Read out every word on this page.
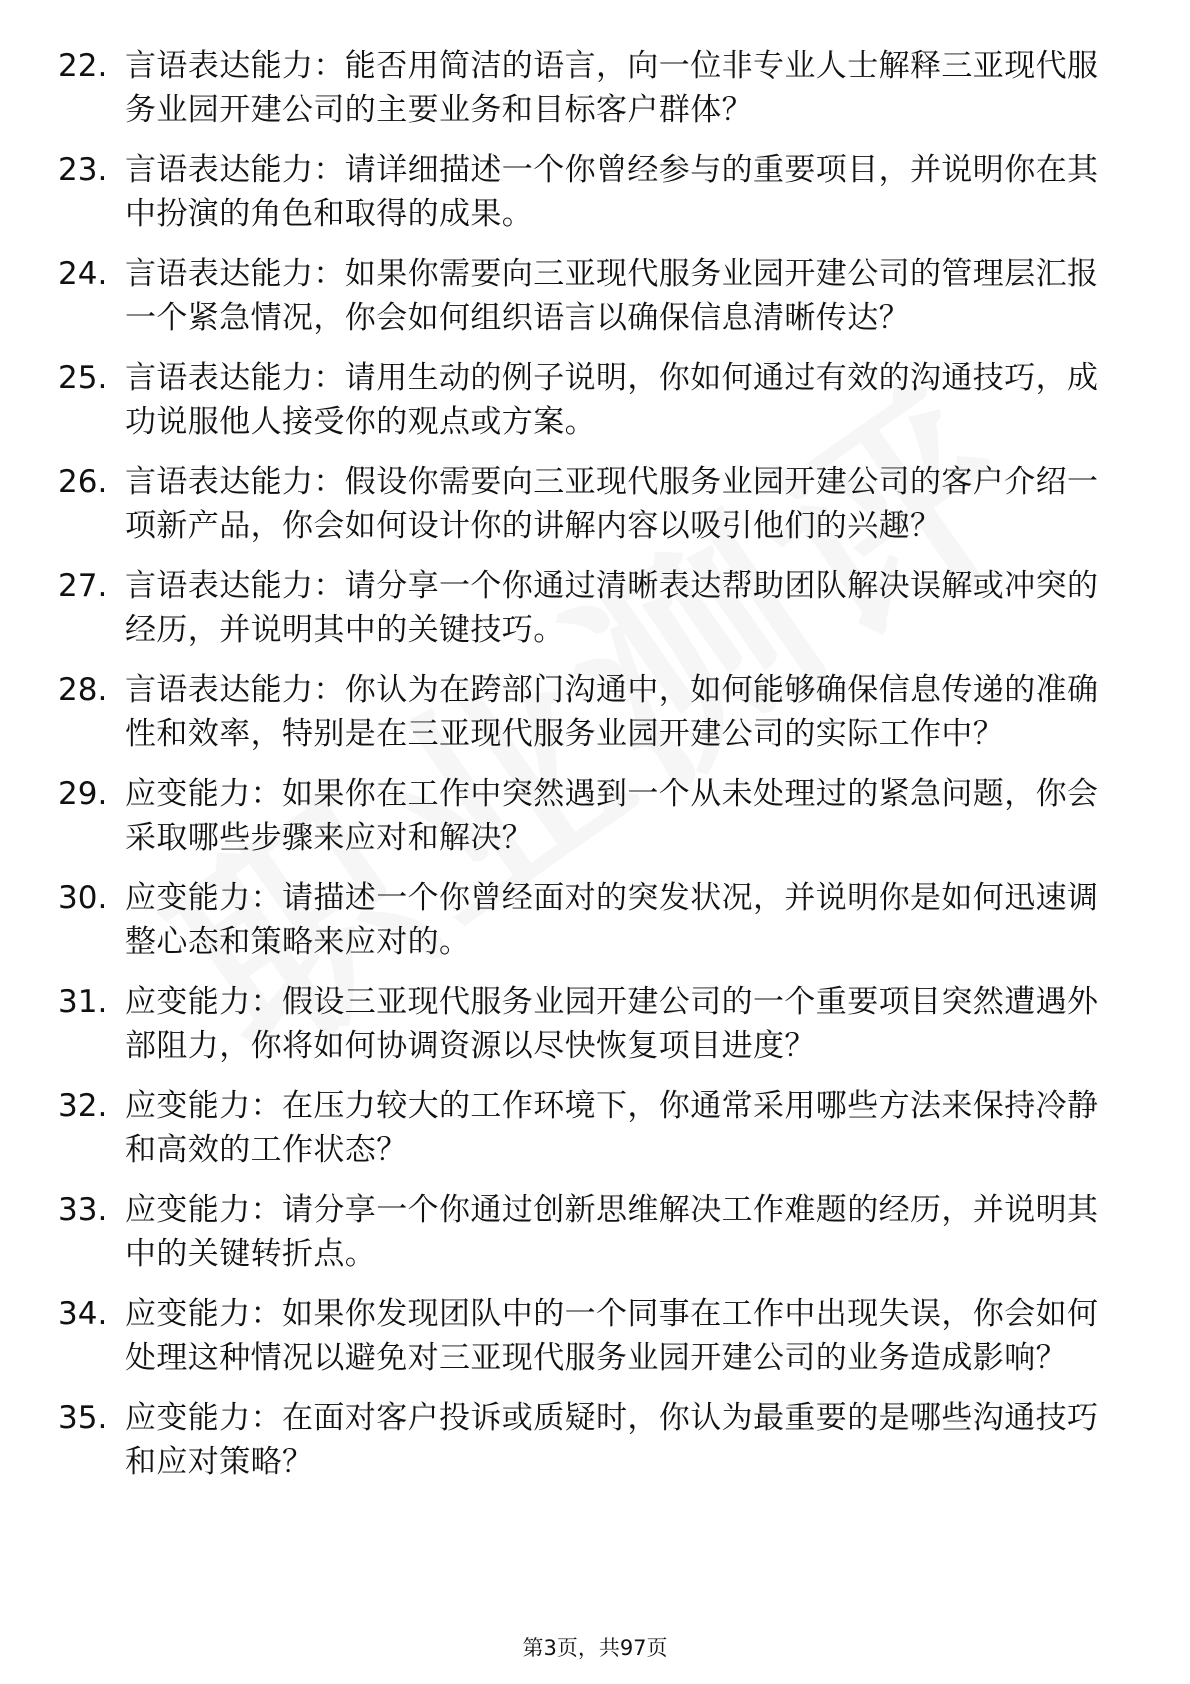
22. 言语表达能力：能否用简洁的语言，向一位非专业人士解释三亚现代服务业园开建公司的主要业务和目标客户群体？
23. 言语表达能力：请详细描述一个你曾经参与的重要项目，并说明你在其中扮演的角色和取得的成果。
24. 言语表达能力：如果你需要向三亚现代服务业园开建公司的管理层汇报一个紧急情况，你会如何组织语言以确保信息清晰传达？
25. 言语表达能力：请用生动的例子说明，你如何通过有效的沟通技巧，成功说服他人接受你的观点或方案。
26. 言语表达能力：假设你需要向三亚现代服务业园开建公司的客户介绍一项新产品，你会如何设计你的讲解内容以吸引他们的兴趣？
27. 言语表达能力：请分享一个你通过清晰表达帮助团队解决误解或冲突的经历，并说明其中的关键技巧。
28. 言语表达能力：你认为在跨部门沟通中，如何能够确保信息传递的准确性和效率，特别是在三亚现代服务业园开建公司的实际工作中？
29. 应变能力：如果你在工作中突然遇到一个从未处理过的紧急问题，你会采取哪些步骤来应对和解决？
30. 应变能力：请描述一个你曾经面对的突发状况，并说明你是如何迅速调整心态和策略来应对的。
31. 应变能力：假设三亚现代服务业园开建公司的一个重要项目突然遭遇外部阻力，你将如何协调资源以尽快恢复项目进度？
32. 应变能力：在压力较大的工作环境下，你通常采用哪些方法来保持冷静和高效的工作状态？
33. 应变能力：请分享一个你通过创新思维解决工作难题的经历，并说明其中的关键转折点。
34. 应变能力：如果你发现团队中的一个同事在工作中出现失误，你会如何处理这种情况以避免对三亚现代服务业园开建公司的业务造成影响？
35. 应变能力：在面对客户投诉或质疑时，你认为最重要的是哪些沟通技巧和应对策略？
第3页，共97页
